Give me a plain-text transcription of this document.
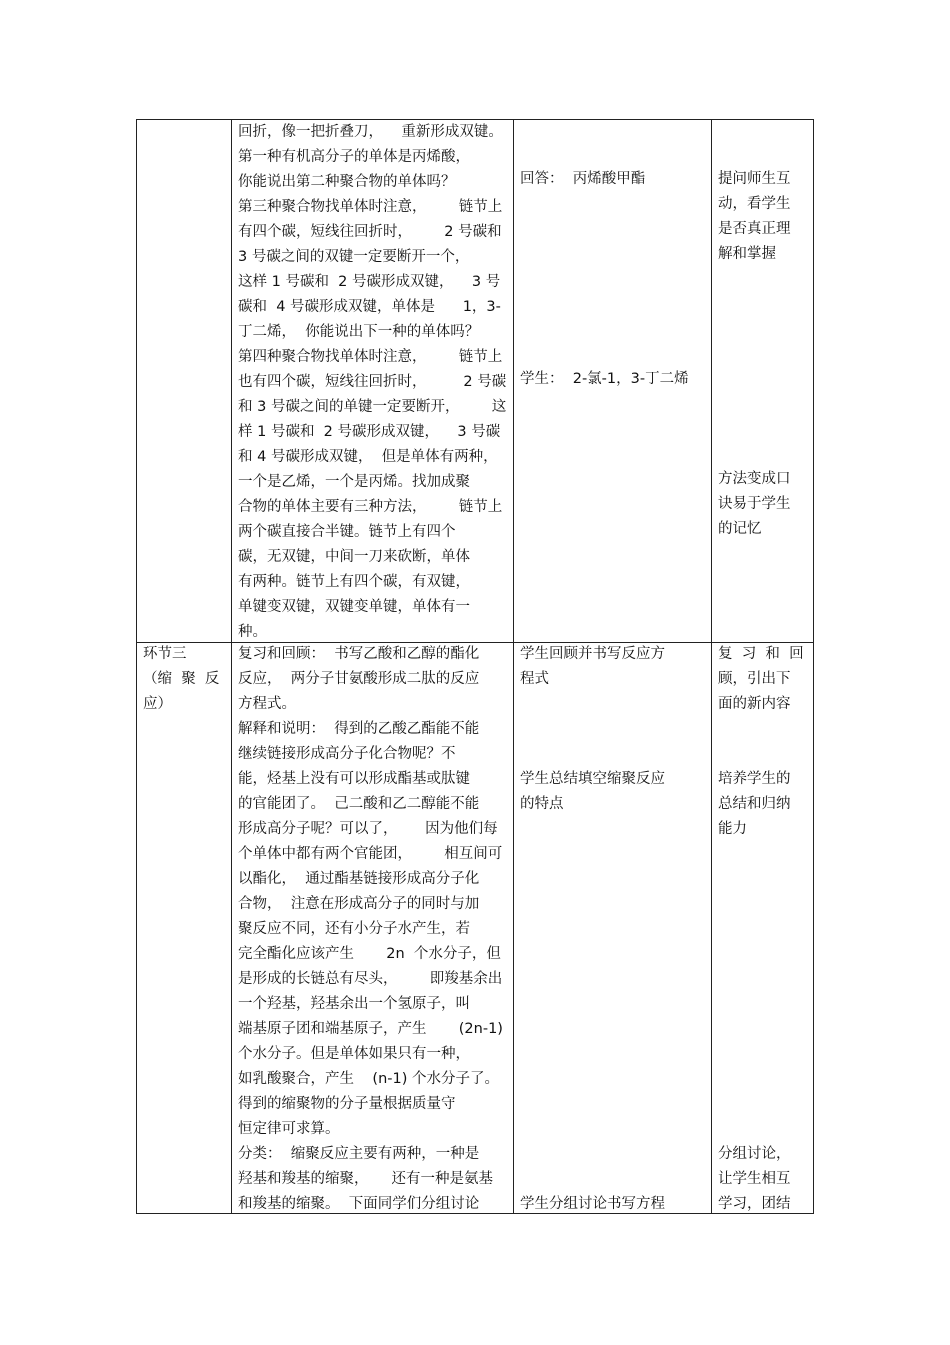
回折，像一把折叠刀，    重新形成双键。
第一种有机高分子的单体是丙烯酸，
你能说出第二种聚合物的单体吗？
第三种聚合物找单体时注意，       链节上
有四个碳，短线往回折时，       2 号碳和
3 号碳之间的双键一定要断开一个，
这样 1 号碳和  2 号碳形成双键，    3 号
碳和  4 号碳形成双键，单体是      1，3-
丁二烯，  你能说出下一种的单体吗？
第四种聚合物找单体时注意，       链节上
也有四个碳，短线往回折时，        2 号碳
和 3 号碳之间的单键一定要断开，       这
样 1 号碳和  2 号碳形成双键，    3 号碳
和 4 号碳形成双键，  但是单体有两种，
一个是乙烯，一个是丙烯。找加成聚
合物的单体主要有三种方法，       链节上
两个碳直接合半键。链节上有四个
碳，无双键，中间一刀来砍断，单体
有两种。链节上有四个碳，有双键，
单键变双键，双键变单键，单体有一
种。
回答：  丙烯酸甲酯
学生：  2-氯-1，3-丁二烯
提问师生互
动，看学生
是否真正理
解和掌握
方法变成口
诀易于学生
的记忆
环节三
（缩  聚  反
应）
复习和回顾：  书写乙酸和乙醇的酯化
反应，  两分子甘氨酸形成二肽的反应
方程式。
解释和说明：  得到的乙酸乙酯能不能
继续链接形成高分子化合物呢？不
能，烃基上没有可以形成酯基或肽键
的官能团了。  己二酸和乙二醇能不能
形成高分子呢？可以了，      因为他们每
个单体中都有两个官能团，       相互间可
以酯化，  通过酯基链接形成高分子化
合物，  注意在形成高分子的同时与加
聚反应不同，还有小分子水产生，若
完全酯化应该产生       2n  个水分子，但
是形成的长链总有尽头，       即羧基余出
一个羟基，羟基余出一个氢原子，叫
端基原子团和端基原子，产生       (2n-1)
个水分子。但是单体如果只有一种，
如乳酸聚合，产生    (n-1) 个水分子了。
得到的缩聚物的分子量根据质量守
恒定律可求算。
分类：  缩聚反应主要有两种，一种是
羟基和羧基的缩聚，     还有一种是氨基
和羧基的缩聚。  下面同学们分组讨论
学生回顾并书写反应方
程式
学生总结填空缩聚反应
的特点
学生分组讨论书写方程
复  习  和  回
顾，引出下
面的新内容
培养学生的
总结和归纳
能力
分组讨论，
让学生相互
学习，团结
